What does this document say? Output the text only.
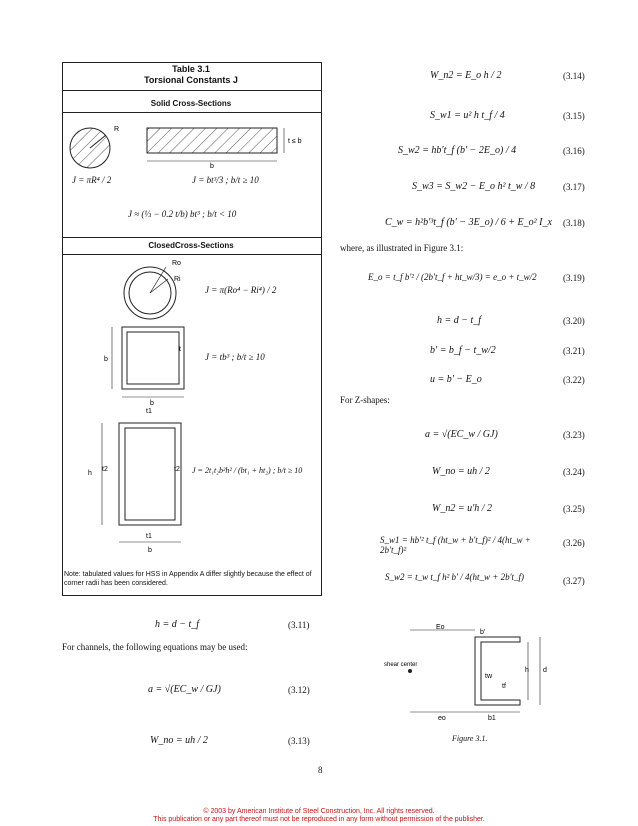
Table 3.1
Torsional Constants J
Solid Cross-Sections
R
b
t ≤ b
J = πR⁴ / 2	J = bt³/3 ; b/t ≥ 10
J ≈ (⅓ − 0.2 t/b) bt³ ; b/t < 10
ClosedCross-Sections
Ro
Ri
b
b
t
h
t1
t2	t2
t1
b
J = π(Ro⁴ − Ri⁴) / 2
J = tb³ ; b/t ≥ 10
J = 2t₁t₂b²h² / (bt₁ + ht₂) ; b/t ≥ 10
Note: tabulated values for HSS in Appendix A differ slightly because the effect of corner radii has been considered.
h = d − t_f	(3.11)
For channels, the following equations may be used:
a = √(EC_w / GJ)	(3.12)
W_no = uh / 2	(3.13)
W_n2 = E_o h / 2	(3.14)
S_w1 = u² h t_f / 4	(3.15)
S_w2 = hb′t_f (b′ − 2E_o) / 4	(3.16)
S_w3 = S_w2 − E_o h² t_w / 8	(3.17)
C_w = h²b′³t_f (b′ − 3E_o) / 6 + E_o² I_x (3.18)
where, as illustrated in Figure 3.1:
E_o = t_f b′² / (2b′t_f + ht_w/3) = e_o + t_w/2	(3.19)
h = d − t_f	(3.20)
b′ = b_f − t_w/2	(3.21)
u = b′ − E_o	(3.22)
For Z-shapes:
a = √(EC_w / GJ)	(3.23)
W_no = uh / 2	(3.24)
W_n2 = u′h / 2	(3.25)
S_w1 = hb′² t_f (ht_w + b′t_f)² / 4(ht_w + 2b′t_f)²
(3.26)
S_w2 = t_w t_f h² b′ / 4(ht_w + 2b′t_f)	(3.27)
Eo
b′
shear center
tw
tf
h d
eo	b1
Figure 3.1.
8
© 2003 by American Institute of Steel Construction, Inc. All rights reserved.
This publication or any part thereof must not be reproduced in any form without permission of the publisher.
